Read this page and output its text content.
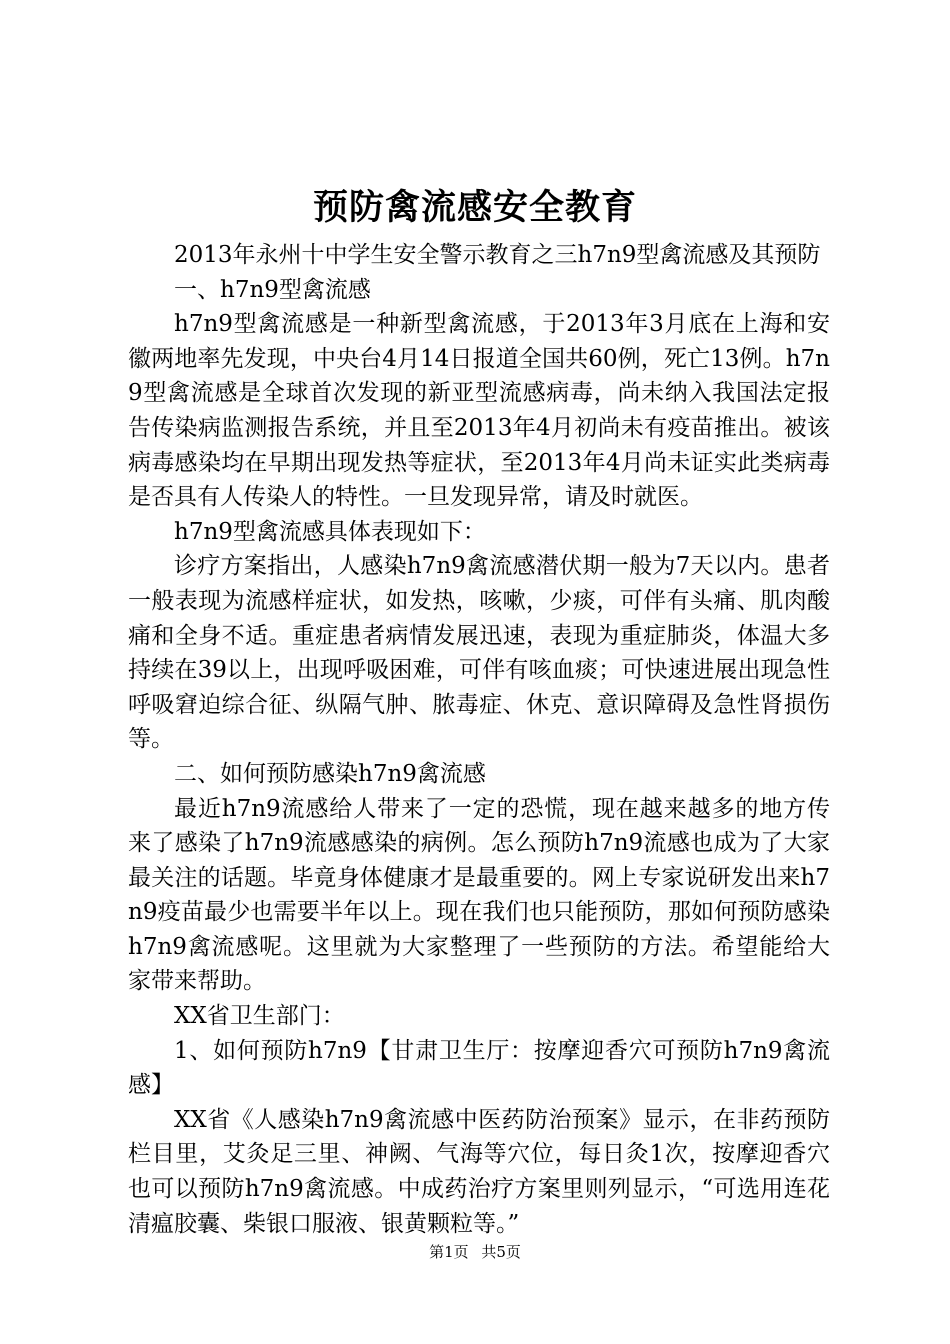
预防禽流感安全教育

2013年永州十中学生安全警示教育之三h7n9型禽流感及其预防

一、h7n9型禽流感

h7n9型禽流感是一种新型禽流感，于2013年3月底在上海和安徽两地率先发现，中央台4月14日报道全国共60例，死亡13例。h7n9型禽流感是全球首次发现的新亚型流感病毒，尚未纳入我国法定报告传染病监测报告系统，并且至2013年4月初尚未有疫苗推出。被该病毒感染均在早期出现发热等症状，至2013年4月尚未证实此类病毒是否具有人传染人的特性。一旦发现异常，请及时就医。

h7n9型禽流感具体表现如下：

诊疗方案指出，人感染h7n9禽流感潜伏期一般为7天以内。患者一般表现为流感样症状，如发热，咳嗽，少痰，可伴有头痛、肌肉酸痛和全身不适。重症患者病情发展迅速，表现为重症肺炎，体温大多持续在39以上，出现呼吸困难，可伴有咳血痰；可快速进展出现急性呼吸窘迫综合征、纵隔气肿、脓毒症、休克、意识障碍及急性肾损伤等。

二、如何预防感染h7n9禽流感

最近h7n9流感给人带来了一定的恐慌，现在越来越多的地方传来了感染了h7n9流感感染的病例。怎么预防h7n9流感也成为了大家最关注的话题。毕竟身体健康才是最重要的。网上专家说研发出来h7n9疫苗最少也需要半年以上。现在我们也只能预防，那如何预防感染h7n9禽流感呢。这里就为大家整理了一些预防的方法。希望能给大家带来帮助。

XX省卫生部门：

1、如何预防h7n9【甘肃卫生厅：按摩迎香穴可预防h7n9禽流感】

XX省《人感染h7n9禽流感中医药防治预案》显示，在非药预防栏目里，艾灸足三里、神阙、气海等穴位，每日灸1次，按摩迎香穴也可以预防h7n9禽流感。中成药治疗方案里则列显示，“可选用连花清瘟胶囊、柴银口服液、银黄颗粒等。”

第1页 共5页
